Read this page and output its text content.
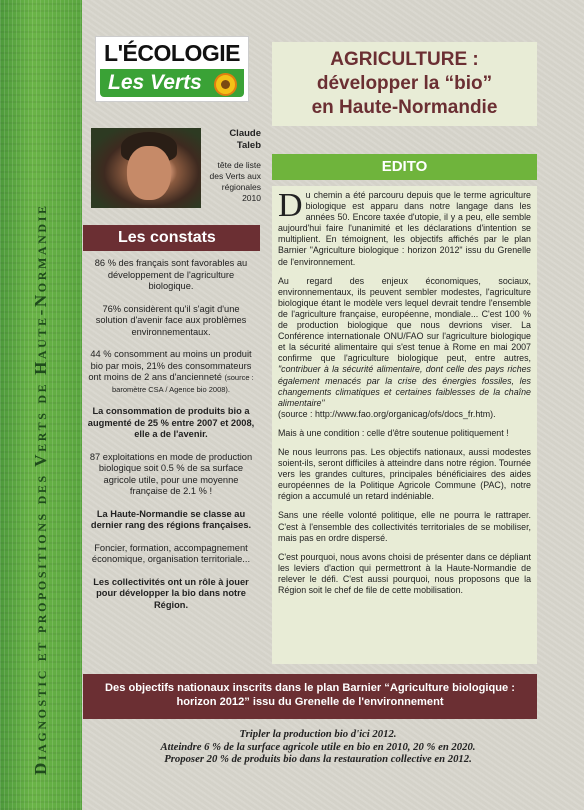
Diagnostic et propositions des Verts de Haute-Normandie
L'ÉCOLOGIE
Les Verts
AGRICULTURE :
développer la “bio”
en Haute-Normandie
Claude
Taleb
tête de liste des Verts aux régionales 2010
Les constats

86 % des français sont favorables au développement de l'agriculture biologique.

76% considèrent qu'il s'agit d'une solution d'avenir face aux problèmes environnementaux.

44 % consomment au moins un produit bio par mois, 21% des consommateurs ont moins de 2 ans d'ancienneté (source : baromètre CSA / Agence bio 2008).

La consommation de produits bio a augmenté de 25 % entre 2007 et 2008, elle a de l'avenir.

87 exploitations en mode de production biologique soit 0.5 % de sa surface agricole utile, pour une moyenne française de 2.1 % !

La Haute-Normandie se classe au dernier rang des régions françaises.

Foncier, formation, accompagnement économique, organisation territoriale...

Les collectivités ont un rôle à jouer pour développer la bio dans notre Région.

EDITO

Du chemin a été parcouru depuis que le terme agriculture biologique est apparu dans notre langage dans les années 50. Encore taxée d'utopie, il y a peu, elle semble aujourd'hui faire l'unanimité et les déclarations d'intention se multiplient. En témoignent, les objectifs affichés par le plan Barnier "Agriculture biologique : horizon 2012" issu du Grenelle de l'environnement.

Au regard des enjeux économiques, sociaux, environnementaux, ils peuvent sembler modestes, l'agriculture biologique étant le modèle vers lequel devrait tendre l'ensemble de l'agriculture française, européenne, mondiale... C'est 100 % de production biologique que nous devrions viser. La Conférence internationale ONU/FAO sur l'agriculture biologique et la sécurité alimentaire qui s'est tenue à Rome en mai 2007 confirme que l'agriculture biologique peut, entre autres, "contribuer à la sécurité alimentaire, dont celle des pays riches également menacés par la crise des énergies fossiles, les changements climatiques et certaines faiblesses de la chaîne alimentaire"
(source : http://www.fao.org/organicag/ofs/docs_fr.htm).

Mais à une condition : celle d'être soutenue politiquement !

Ne nous leurrons pas. Les objectifs nationaux, aussi modestes soient-ils, seront difficiles à atteindre dans notre région. Tournée vers les grandes cultures, principales bénéficiaires des aides européennes de la Politique Agricole Commune (PAC), notre région a accumulé un retard indéniable.

Sans une réelle volonté politique, elle ne pourra le rattraper. C'est à l'ensemble des collectivités territoriales de se mobiliser, mais pas en ordre dispersé.

C'est pourquoi, nous avons choisi de présenter dans ce dépliant les leviers d'action qui permettront à la Haute-Normandie de relever le défi. C'est aussi pourquoi, nous proposons que la Région soit le chef de file de cette mobilisation.

Des objectifs nationaux inscrits dans le plan Barnier “Agriculture biologique : horizon 2012” issu du Grenelle de l'environnement
Tripler la production bio d'ici 2012.
Atteindre 6 % de la surface agricole utile en bio en 2010, 20 % en 2020.
Proposer 20 % de produits bio dans la restauration collective en 2012.
